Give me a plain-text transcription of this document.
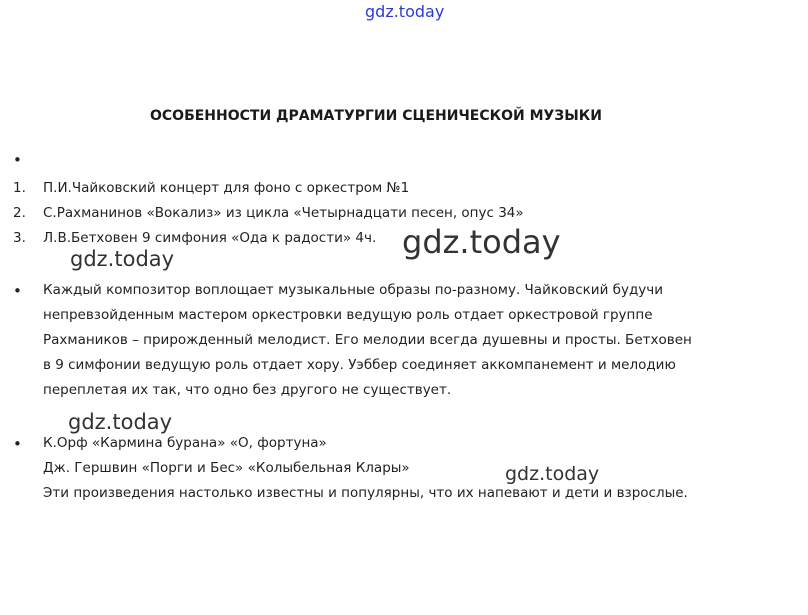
gdz.today
gdz.today
gdz.today
gdz.today
gdz.today
ОСОБЕННОСТИ ДРАМАТУРГИИ СЦЕНИЧЕСКОЙ МУЗЫКИ
•
1. П.И.Чайковский концерт для фоно с оркестром №1
2. С.Рахманинов «Вокализ» из цикла «Четырнадцати песен, опус 34»
3. Л.В.Бетховен 9 симфония «Ода к радости» 4ч.
• Каждый композитор воплощает музыкальные образы по-разному. Чайковский будучи
непревзойденным мастером оркестровки ведущую роль отдает оркестровой группе
Рахмаников – прирожденный мелодист. Его мелодии всегда душевны и просты. Бетховен
в 9 симфонии ведущую роль отдает хору. Уэббер соединяет аккомпанемент и мелодию
переплетая их так, что одно без другого не существует.
• К.Орф «Кармина бурана» «О, фортуна»
Дж. Гершвин «Порги и Бес» «Колыбельная Клары»
Эти произведения настолько известны и популярны, что их напевают и дети и взрослые.
